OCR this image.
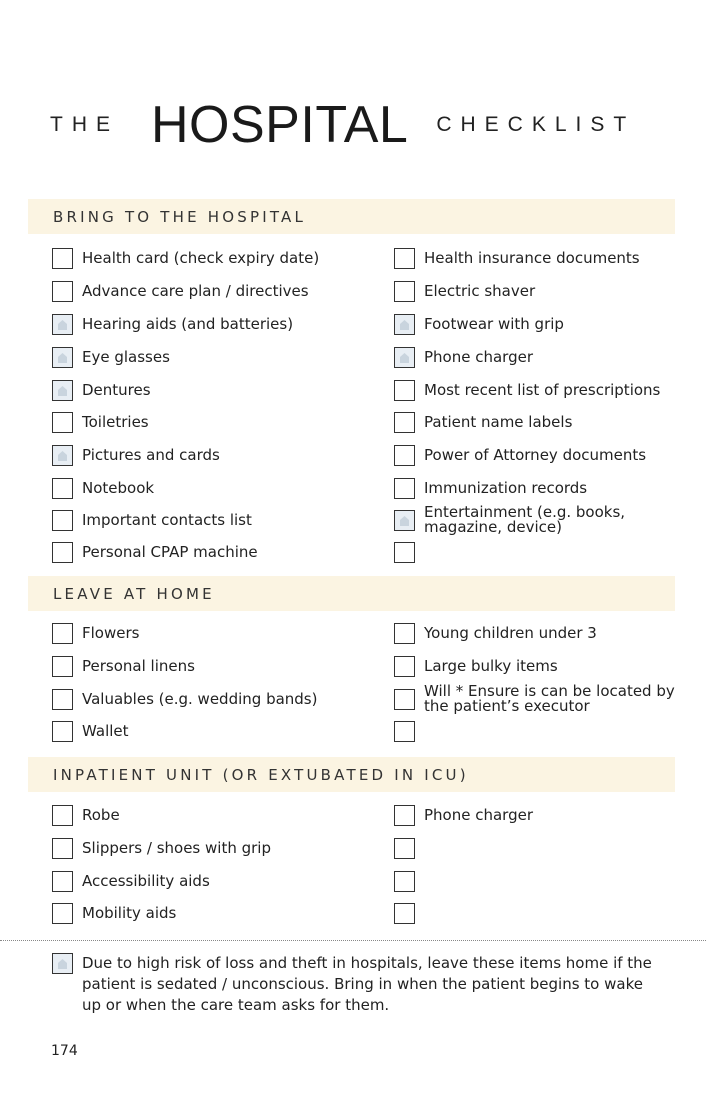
THE HOSPITAL CHECKLIST
BRING TO THE HOSPITAL
LEAVE AT HOME
INPATIENT UNIT (OR EXTUBATED IN ICU)
Health card (check expiry date)
Advance care plan / directives
Hearing aids (and batteries)
Eye glasses
Dentures
Toiletries
Pictures and cards
Notebook
Important contacts list
Personal CPAP machine
Health insurance documents
Electric shaver
Footwear with grip
Phone charger
Most recent list of prescriptions
Patient name labels
Power of Attorney documents
Immunization records
Entertainment (e.g. books, magazine, device)
Flowers
Personal linens
Valuables (e.g. wedding bands)
Wallet
Young children under 3
Large bulky items
Will * Ensure is can be located by the patient’s executor
Robe
Slippers / shoes with grip
Accessibility aids
Mobility aids
Phone charger
Due to high risk of loss and theft in hospitals, leave these items home if the patient is sedated / unconscious. Bring in when the patient begins to wake up or when the care team asks for them.
174
